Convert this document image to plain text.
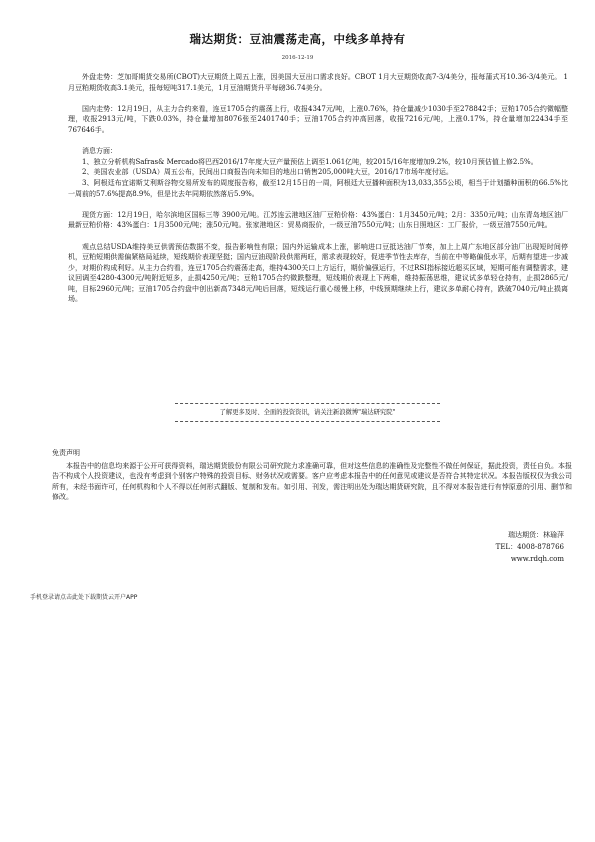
瑞达期货：豆油震荡走高，中线多单持有
2016-12-19

外盘走势：芝加哥期货交易所(CBOT)大豆期货上周五上涨，因美国大豆出口需求良好。CBOT 1月大豆期货收高7-3/4美分，报每蒲式耳10.36-3/4美元。 1月豆粕期货收高3.1美元，报每短吨317.1美元，1月豆油期货升平每磅36.74美分。

国内走势：12月19日，从主力合约来看，连豆1705合约震荡上行，收报4347元/吨，上涨0.76%，持仓量减少1030手至278842手；豆粕1705合约微幅整理，收报2913元/吨，下跌0.03%，持仓量增加8076张至2401740手；豆油1705合约冲高回落，收报7216元/吨，上涨0.17%，持仓量增加22434手至767646手。

消息方面：

1、独立分析机构Safras& Mercado将巴西2016/17年度大豆产量预估上调至1.061亿吨，较2015/16年度增加9.2%，较10月预估值上修2.5%。

2、美国农业部（USDA）周五公布，民间出口商报告向未知目的地出口销售205,000吨大豆，2016/17市场年度付运。

3、阿根廷布宜诺斯艾利斯谷物交易所发布的周度报告称，截至12月15日的一周，阿根廷大豆播种面积为13,033,355公顷，相当于计划播种面积的66.5%比一周前的57.6%提高8.9%，但是比去年同期依然落后5.9%。

现货方面：12月19日，哈尔滨地区国标三等 3900元/吨。江苏连云港地区油厂豆粕价格：43%蛋白：1月3450元/吨；2月：3350元/吨；山东青岛地区油厂最新豆粕价格：43%蛋白：1月3500元/吨；涨50元/吨。张家港地区：贸易商报价，一级豆油7550元/吨；山东日照地区：工厂报价，一级豆油7550元/吨。

观点总结USDA维持美豆供需预估数据不变，报告影响性有限；国内外运输成本上涨，影响进口豆抵达油厂节奏，加上上周广东地区部分油厂出现短时间停机，豆粕短期供需偏紧格局延续，短线期价表现坚挺；国内豆油现阶段供需两旺，需求表现较好，促进季节性去库存，当前在中等略偏低水平，后期有望进一步减少，对期价构成利好。从主力合约看，连豆1705合约震荡走高，维持4300关口上方运行，期价偏强运行，不过RSI指标接近超买区域，短期可能有调整需求，建议回调至4280-4300元/吨附近短多，止损4250元/吨；豆粕1705合约微跌整理，短线期价表现上下两难，维持振荡思维，建议试多单轻仓持有，止损2865元/吨，目标2960元/吨；豆油1705合约盘中创出新高7348元/吨后回落，短线运行重心缓慢上移，中线预期继续上行，建议多单耐心持有，跌破7040元/吨止损离场。

了解更多及时、全面的投资资讯，请关注新浪微博"瑞达研究院"
免责声明
本报告中的信息均来源于公开可获得资料，瑞达期货股份有限公司研究院力求准确可靠，但对这些信息的准确性及完整性不做任何保证，据此投资，责任自负。本报告不构成个人投资建议，也没有考虑到个别客户特殊的投资目标、财务状况或需要。客户应考虑本报告中的任何意见或建议是否符合其特定状况。本报告版权仅为我公司所有，未经书面许可，任何机构和个人不得以任何形式翻版、复制和发布。如引用、刊发，需注明出处为瑞达期货研究院，且不得对本报告进行有悖原意的引用、删节和修改。
瑞达期货：林瑜萍
TEL：4008-878766
www.rdqh.com
手机登录请点击此处下载期货云开户APP
